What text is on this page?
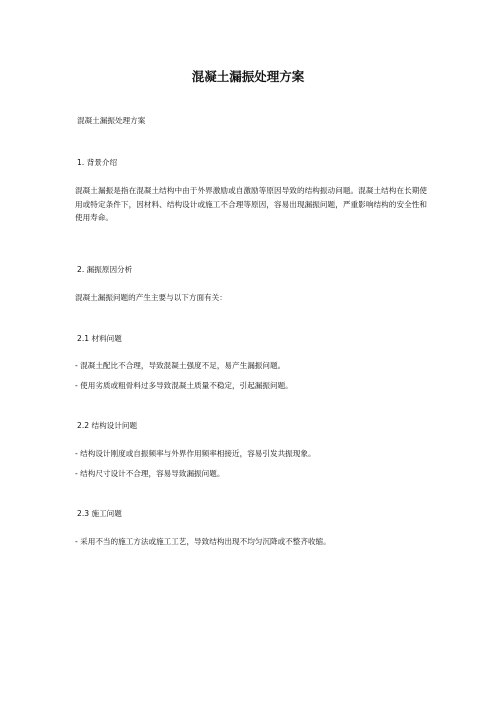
混凝土漏振处理方案
混凝土漏振处理方案
1. 背景介绍
混凝土漏振是指在混凝土结构中由于外界激励或自激励等原因导致的结构振动问题。混凝土结构在长期使用或特定条件下，因材料、结构设计或施工不合理等原因，容易出现漏振问题，严重影响结构的安全性和使用寿命。
2. 漏振原因分析
混凝土漏振问题的产生主要与以下方面有关：
2.1 材料问题
- 混凝土配比不合理，导致混凝土强度不足，易产生漏振问题。
- 使用劣质或粗骨料过多导致混凝土质量不稳定，引起漏振问题。
2.2 结构设计问题
- 结构设计刚度或自振频率与外界作用频率相接近，容易引发共振现象。
- 结构尺寸设计不合理，容易导致漏振问题。
2.3 施工问题
- 采用不当的施工方法或施工工艺，导致结构出现不均匀沉降或不整齐收缩。
